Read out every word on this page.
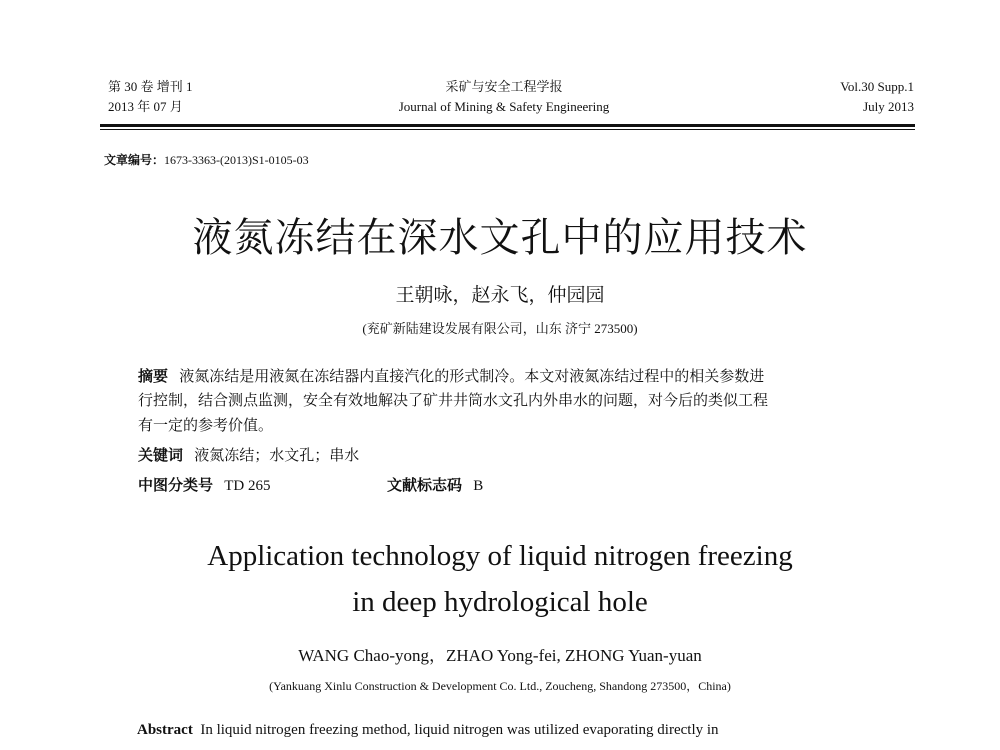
第 30 卷 增刊 1
2013 年 07 月
采矿与安全工程学报
Journal of Mining & Safety Engineering
Vol.30 Supp.1
July 2013
文章编号：1673-3363-(2013)S1-0105-03
液氮冻结在深水文孔中的应用技术
王朝咏，赵永飞，仲园园
(兖矿新陆建设发展有限公司，山东 济宁 273500)
摘要 液氮冻结是用液氮在冻结器内直接汽化的形式制冷。本文对液氮冻结过程中的相关参数进
行控制，结合测点监测，安全有效地解决了矿井井筒水文孔内外串水的问题，对今后的类似工程
有一定的参考价值。
关键词 液氮冻结；水文孔；串水
中图分类号 TD 265	文献标志码 B
Application technology of liquid nitrogen freezing
in deep hydrological hole
WANG Chao-yong，ZHAO Yong-fei, ZHONG Yuan-yuan
(Yankuang Xinlu Construction & Development Co. Ltd., Zoucheng, Shandong 273500，China)
Abstract In liquid nitrogen freezing method, liquid nitrogen was utilized evaporating directly in
